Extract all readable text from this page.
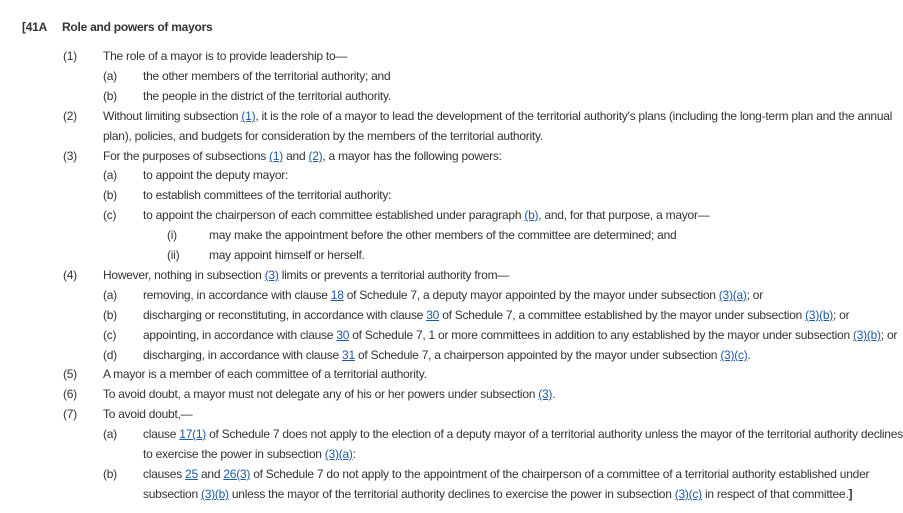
[41A Role and powers of mayors
(1) The role of a mayor is to provide leadership to—
(a) the other members of the territorial authority; and
(b) the people in the district of the territorial authority.
(2) Without limiting subsection (1), it is the role of a mayor to lead the development of the territorial authority's plans (including the long-term plan and the annual
plan), policies, and budgets for consideration by the members of the territorial authority.
(3) For the purposes of subsections (1) and (2), a mayor has the following powers:
(a) to appoint the deputy mayor:
(b) to establish committees of the territorial authority:
(c) to appoint the chairperson of each committee established under paragraph (b), and, for that purpose, a mayor—
(i)	may make the appointment before the other members of the committee are determined; and
(ii) may appoint himself or herself.
(4) However, nothing in subsection (3) limits or prevents a territorial authority from—
(a) removing, in accordance with clause 18 of Schedule 7, a deputy mayor appointed by the mayor under subsection (3)(a); or
(b) discharging or reconstituting, in accordance with clause 30 of Schedule 7, a committee established by the mayor under subsection (3)(b); or
(c) appointing, in accordance with clause 30 of Schedule 7, 1 or more committees in addition to any established by the mayor under subsection (3)(b); or
(d) discharging, in accordance with clause 31 of Schedule 7, a chairperson appointed by the mayor under subsection (3)(c).
(5) A mayor is a member of each committee of a territorial authority.
(6) To avoid doubt, a mayor must not delegate any of his or her powers under subsection (3).
(7) To avoid doubt,—
(a) clause 17(1) of Schedule 7 does not apply to the election of a deputy mayor of a territorial authority unless the mayor of the territorial authority declines
to exercise the power in subsection (3)(a):
(b) clauses 25 and 26(3) of Schedule 7 do not apply to the appointment of the chairperson of a committee of a territorial authority established under
subsection (3)(b) unless the mayor of the territorial authority declines to exercise the power in subsection (3)(c) in respect of that committee.]
